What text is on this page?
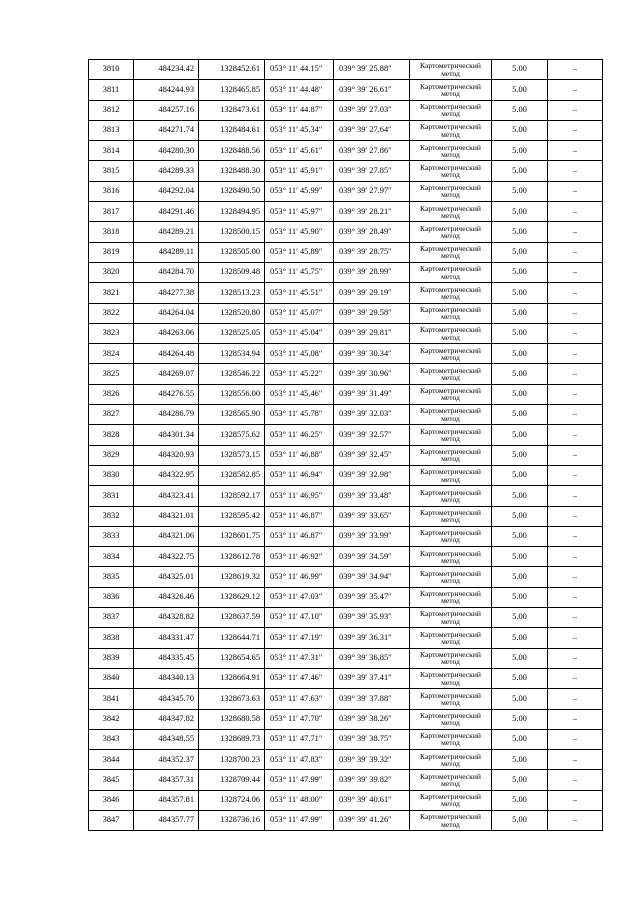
3810	484234.42	1328452.61	053° 11′ 44.15″	039° 39′ 25.88″	Картометрический метод	5.00	–
3811	484244.93	1328465.85	053° 11′ 44.48″	039° 39′ 26.61″	Картометрический метод	5.00	–
3812	484257.16	1328473.61	053° 11′ 44.87″	039° 39′ 27.03″	Картометрический метод	5.00	–
3813	484271.74	1328484.61	053° 11′ 45.34″	039° 39′ 27.64″	Картометрический метод	5.00	–
3814	484280.30	1328488.56	053° 11′ 45.61″	039° 39′ 27.86″	Картометрический метод	5.00	–
3815	484289.33	1328488.30	053° 11′ 45.91″	039° 39′ 27.85″	Картометрический метод	5.00	–
3816	484292.04	1328490.50	053° 11′ 45.99″	039° 39′ 27.97″	Картометрический метод	5.00	–
3817	484291.46	1328494.95	053° 11′ 45.97″	039° 39′ 28.21″	Картометрический метод	5.00	–
3818	484289.21	1328500.15	053° 11′ 45.90″	039° 39′ 28.49″	Картометрический метод	5.00	–
3819	484289.11	1328505.00	053° 11′ 45.89″	039° 39′ 28.75″	Картометрический метод	5.00	–
3820	484284.70	1328509.48	053° 11′ 45.75″	039° 39′ 28.99″	Картометрический метод	5.00	–
3821	484277.38	1328513.23	053° 11′ 45.51″	039° 39′ 29.19″	Картометрический метод	5.00	–
3822	484264.04	1328520.80	053° 11′ 45.07″	039° 39′ 29.58″	Картометрический метод	5.00	–
3823	484263.06	1328525.05	053° 11′ 45.04″	039° 39′ 29.81″	Картометрический метод	5.00	–
3824	484264.48	1328534.94	053° 11′ 45.08″	039° 39′ 30.34″	Картометрический метод	5.00	–
3825	484269.07	1328546.22	053° 11′ 45.22″	039° 39′ 30.96″	Картометрический метод	5.00	–
3826	484276.55	1328556.00	053° 11′ 45.46″	039° 39′ 31.49″	Картометрический метод	5.00	–
3827	484286.79	1328565.90	053° 11′ 45.78″	039° 39′ 32.03″	Картометрический метод	5.00	–
3828	484301.34	1328575.62	053° 11′ 46.25″	039° 39′ 32.57″	Картометрический метод	5.00	–
3829	484320.93	1328573.15	053° 11′ 46.88″	039° 39′ 32.45″	Картометрический метод	5.00	–
3830	484322.95	1328582.85	053° 11′ 46.94″	039° 39′ 32.98″	Картометрический метод	5.00	–
3831	484323.41	1328592.17	053° 11′ 46.95″	039° 39′ 33.48″	Картометрический метод	5.00	–
3832	484321.01	1328595.42	053° 11′ 46.87″	039° 39′ 33.65″	Картометрический метод	5.00	–
3833	484321.06	1328601.75	053° 11′ 46.87″	039° 39′ 33.99″	Картометрический метод	5.00	–
3834	484322.75	1328612.78	053° 11′ 46.92″	039° 39′ 34.59″	Картометрический метод	5.00	–
3835	484325.01	1328619.32	053° 11′ 46.99″	039° 39′ 34.94″	Картометрический метод	5.00	–
3836	484326.46	1328629.12	053° 11′ 47.03″	039° 39′ 35.47″	Картометрический метод	5.00	–
3837	484328.82	1328637.59	053° 11′ 47.10″	039° 39′ 35.93″	Картометрический метод	5.00	–
3838	484331.47	1328644.71	053° 11′ 47.19″	039° 39′ 36.31″	Картометрический метод	5.00	–
3839	484335.45	1328654.65	053° 11′ 47.31″	039° 39′ 36.85″	Картометрический метод	5.00	–
3840	484340.13	1328664.91	053° 11′ 47.46″	039° 39′ 37.41″	Картометрический метод	5.00	–
3841	484345.70	1328673.63	053° 11′ 47.63″	039° 39′ 37.88″	Картометрический метод	5.00	–
3842	484347.82	1328680.58	053° 11′ 47.70″	039° 39′ 38.26″	Картометрический метод	5.00	–
3843	484348.55	1328689.73	053° 11′ 47.71″	039° 39′ 38.75″	Картометрический метод	5.00	–
3844	484352.37	1328700.23	053° 11′ 47.83″	039° 39′ 39.32″	Картометрический метод	5.00	–
3845	484357.31	1328709.44	053° 11′ 47.99″	039° 39′ 39.82″	Картометрический метод	5.00	–
3846	484357.81	1328724.06	053° 11′ 48.00″	039° 39′ 40.61″	Картометрический метод	5.00	–
3847	484357.77	1328736.16	053° 11′ 47.99″	039° 39′ 41.26″	Картометрический метод	5.00	–
